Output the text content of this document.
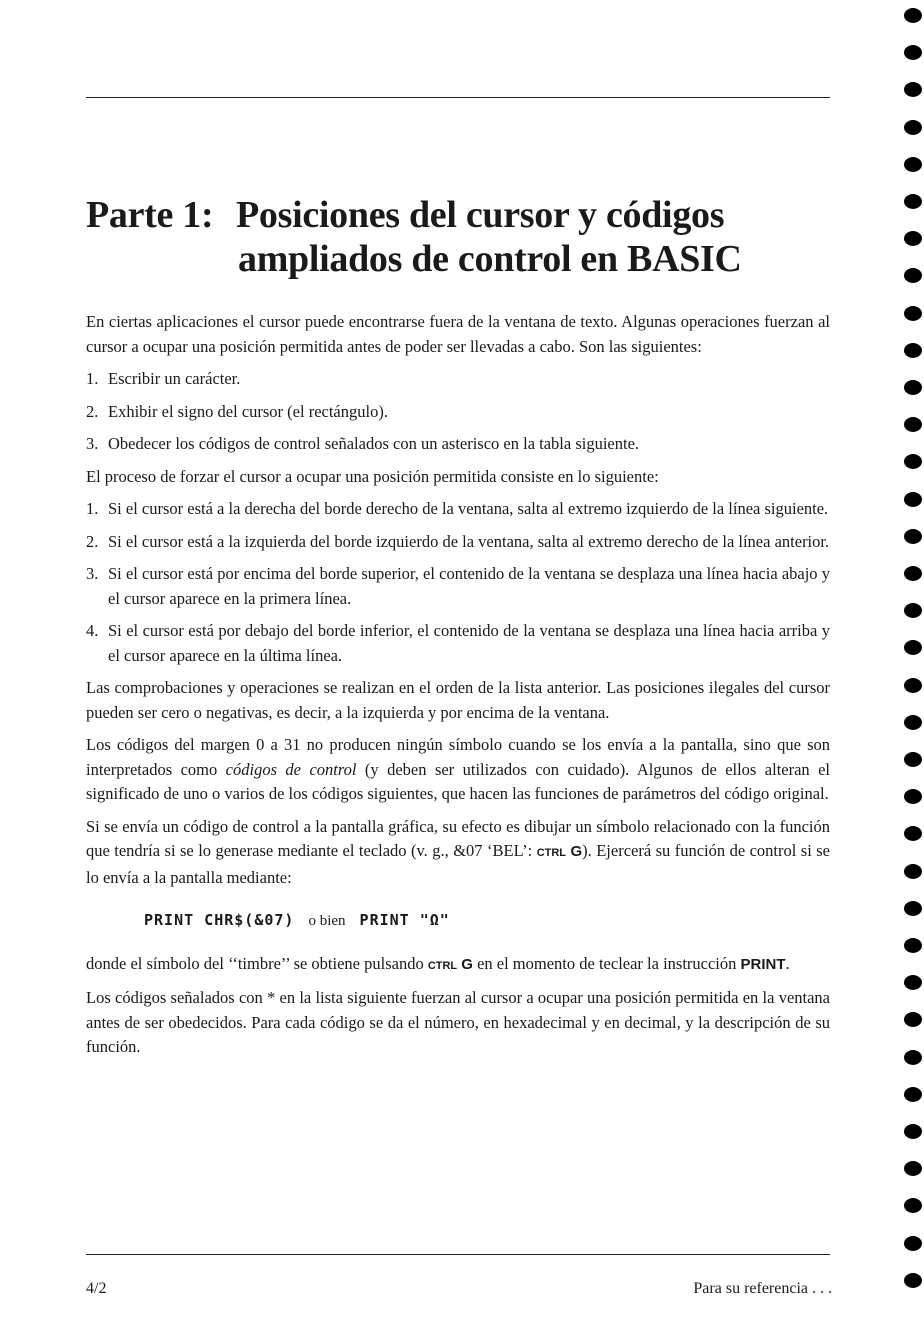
Parte 1: Posiciones del cursor y códigos
ampliados de control en BASIC

En ciertas aplicaciones el cursor puede encontrarse fuera de la ventana de texto. Algunas operaciones fuerzan al cursor a ocupar una posición permitida antes de poder ser llevadas a cabo. Son las siguientes:

1. Escribir un carácter.
2. Exhibir el signo del cursor (el rectángulo).
3. Obedecer los códigos de control señalados con un asterisco en la tabla siguiente.

El proceso de forzar el cursor a ocupar una posición permitida consiste en lo siguiente:

1. Si el cursor está a la derecha del borde derecho de la ventana, salta al extremo izquierdo de la línea siguiente.
2. Si el cursor está a la izquierda del borde izquierdo de la ventana, salta al extremo derecho de la línea anterior.
3. Si el cursor está por encima del borde superior, el contenido de la ventana se desplaza una línea hacia abajo y el cursor aparece en la primera línea.
4. Si el cursor está por debajo del borde inferior, el contenido de la ventana se desplaza una línea hacia arriba y el cursor aparece en la última línea.

Las comprobaciones y operaciones se realizan en el orden de la lista anterior. Las posiciones ilegales del cursor pueden ser cero o negativas, es decir, a la izquierda y por encima de la ventana.

Los códigos del margen 0 a 31 no producen ningún símbolo cuando se los envía a la pantalla, sino que son interpretados como códigos de control (y deben ser utilizados con cuidado). Algunos de ellos alteran el significado de uno o varios de los códigos siguientes, que hacen las funciones de parámetros del código original.

Si se envía un código de control a la pantalla gráfica, su efecto es dibujar un símbolo relacionado con la función que tendría si se lo generase mediante el teclado (v. g., &07 ‘BEL’: CTRL G). Ejercerá su función de control si se lo envía a la pantalla mediante:

PRINT CHR$(&07) o bien PRINT "Ω"

donde el símbolo del ‘‘timbre’’ se obtiene pulsando CTRL G en el momento de teclear la instrucción PRINT.

Los códigos señalados con * en la lista siguiente fuerzan al cursor a ocupar una posición permitida en la ventana antes de ser obedecidos. Para cada código se da el número, en hexadecimal y en decimal, y la descripción de su función.

4/2	Para su referencia . . .
